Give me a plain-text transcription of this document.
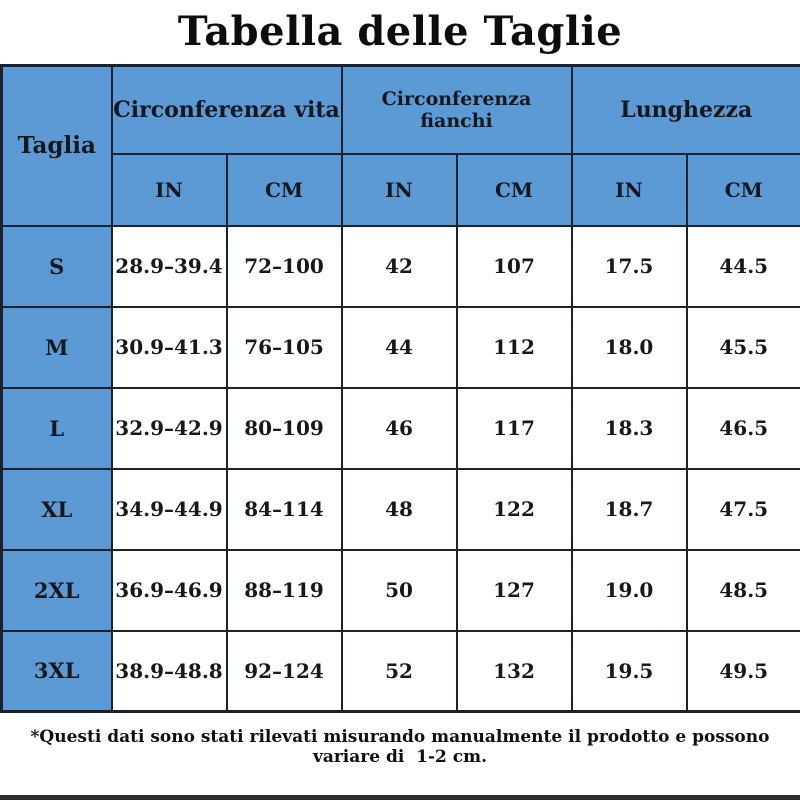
Tabella delle Taglie
Taglia	Circonferenza vita		Circonferenza fianchi		Lunghezza	
	IN	CM	IN	CM	IN	CM
S	28.9–39.4	72–100	42	107	17.5	44.5
M	30.9–41.3	76–105	44	112	18.0	45.5
L	32.9–42.9	80–109	46	117	18.3	46.5
XL	34.9–44.9	84–114	48	122	18.7	47.5
2XL	36.9–46.9	88–119	50	127	19.0	48.5
3XL	38.9–48.8	92–124	52	132	19.5	49.5
*Questi dati sono stati rilevati misurando manualmente il prodotto e possono variare di  1-2 cm.
